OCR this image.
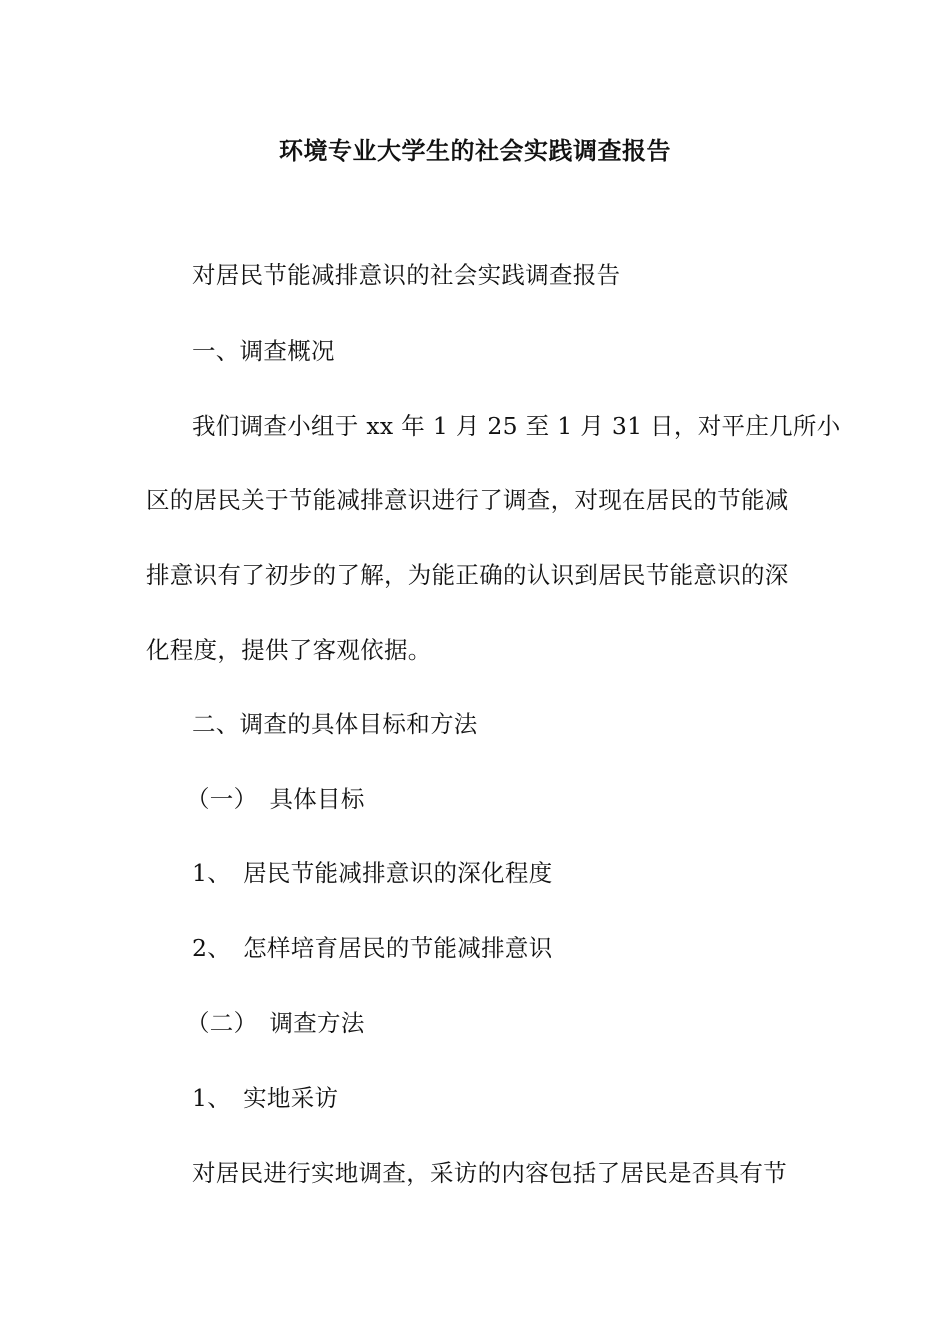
环境专业大学生的社会实践调查报告
对居民节能减排意识的社会实践调查报告
一、调查概况
我们调查小组于 xx 年 1 月 25 至 1 月 31 日，对平庄几所小
区的居民关于节能减排意识进行了调查，对现在居民的节能减
排意识有了初步的了解，为能正确的认识到居民节能意识的深
化程度，提供了客观依据。
二、调查的具体目标和方法
（一）　具体目标
1、　居民节能减排意识的深化程度
2、　怎样培育居民的节能减排意识
（二）　调查方法
1、　实地采访
对居民进行实地调查，采访的内容包括了居民是否具有节
